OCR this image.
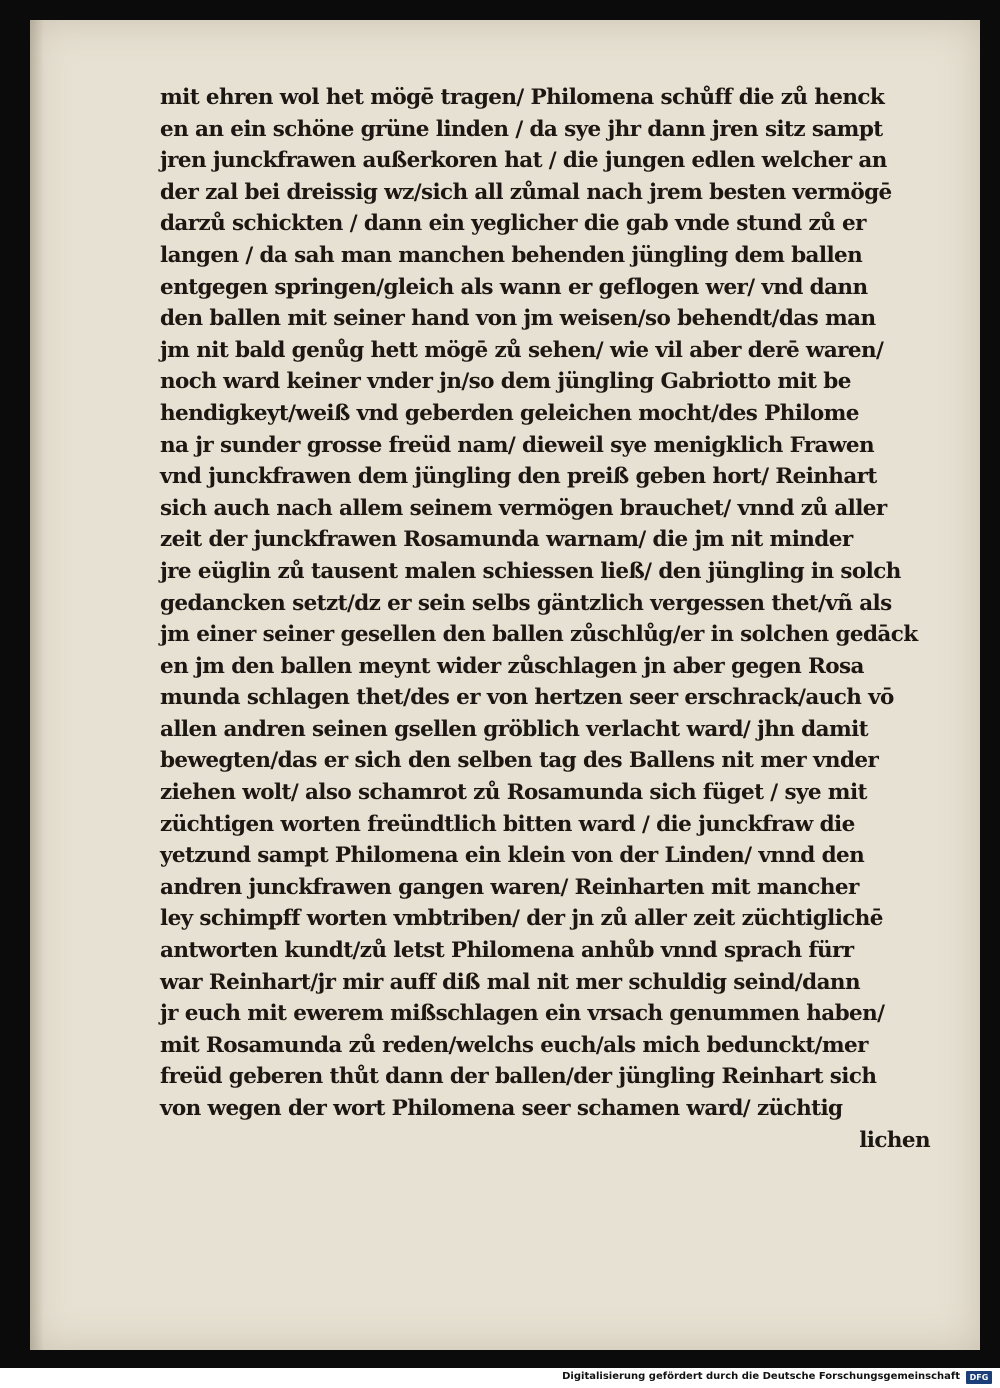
mit ehren wol het mögē tragen/ Philomena schůff die zů henck
en an ein schöne grüne linden / da sye jhr dann jren sitz sampt
jren junckfrawen außerkoren hat / die jungen edlen welcher an
der zal bei dreissig wz/sich all zůmal nach jrem besten vermögē
darzů schickten / dann ein yeglicher die gab vnde stund zů er
langen / da sah man manchen behenden jüngling dem ballen
entgegen springen/gleich als wann er geflogen wer/ vnd dann
den ballen mit seiner hand von jm weisen/so behendt/das man
jm nit bald genůg hett mögē zů sehen/ wie vil aber derē waren/
noch ward keiner vnder jn/so dem jüngling Gabriotto mit be
hendigkeyt/weiß vnd geberden geleichen mocht/des Philome
na jr sunder grosse freüd nam/ dieweil sye menigklich Frawen
vnd junckfrawen dem jüngling den preiß geben hort/ Reinhart
sich auch nach allem seinem vermögen brauchet/ vnnd zů aller
zeit der junckfrawen Rosamunda warnam/ die jm nit minder
jre eüglin zů tausent malen schiessen ließ/ den jüngling in solch
gedancken setzt/dz er sein selbs gäntzlich vergessen thet/vñ als
jm einer seiner gesellen den ballen zůschlůg/er in solchen gedāck
en jm den ballen meynt wider zůschlagen jn aber gegen Rosa
munda schlagen thet/des er von hertzen seer erschrack/auch vō
allen andren seinen gsellen gröblich verlacht ward/ jhn damit
bewegten/das er sich den selben tag des Ballens nit mer vnder
ziehen wolt/ also schamrot zů Rosamunda sich füget / sye mit
züchtigen worten freündtlich bitten ward / die junckfraw die
yetzund sampt Philomena ein klein von der Linden/ vnnd den
andren junckfrawen gangen waren/ Reinharten mit mancher
ley schimpff worten vmbtriben/ der jn zů aller zeit züchtiglichē
antworten kundt/zů letst Philomena anhůb vnnd sprach fürr
war Reinhart/jr mir auff diß mal nit mer schuldig seind/dann
jr euch mit ewerem mißschlagen ein vrsach genummen haben/
mit Rosamunda zů reden/welchs euch/als mich bedunckt/mer
freüd geberen thůt dann der ballen/der jüngling Reinhart sich
von wegen der wort Philomena seer schamen ward/ züchtig
lichen
Digitalisierung gefördert durch die Deutsche Forschungsgemeinschaft	DFG
